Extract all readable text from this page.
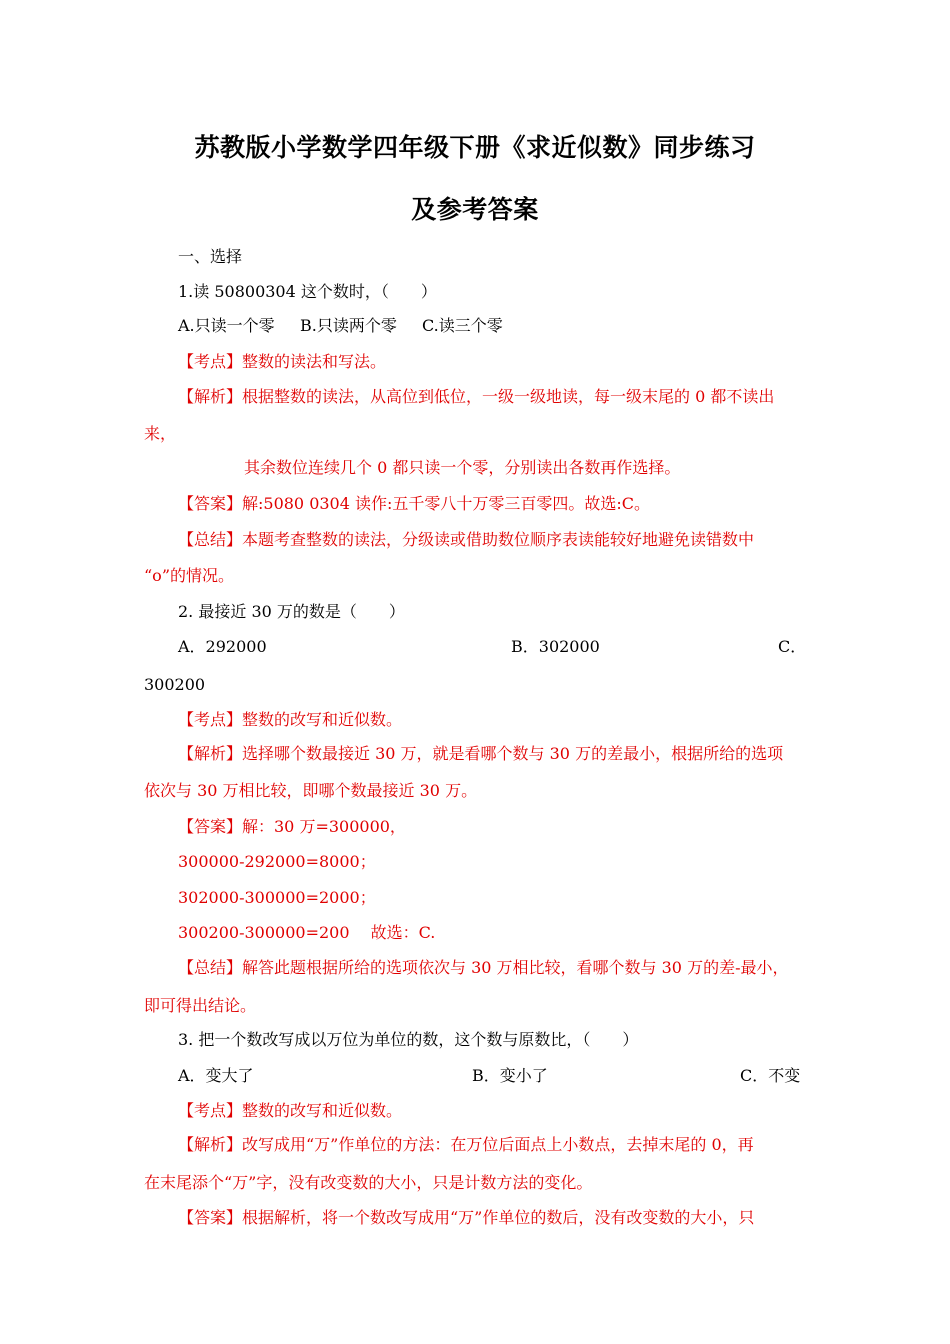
苏教版小学数学四年级下册《求近似数》同步练习
及参考答案
一、选择
1.读 50800304 这个数时，（　　）
A.只读一个零 B.只读两个零 C.读三个零
【考点】整数的读法和写法。
【解析】根据整数的读法，从高位到低位，一级一级地读，每一级末尾的 0 都不读出
来，
其余数位连续几个 0 都只读一个零，分别读出各数再作选择。
【答案】解:5080 0304 读作:五千零八十万零三百零四。故选:C。
【总结】本题考查整数的读法，分级读或借助数位顺序表读能较好地避免读错数中
“o”的情况。
2. 最接近 30 万的数是（　　）
A．292000	B．302000	C．
300200
【考点】整数的改写和近似数。
【解析】选择哪个数最接近 30 万，就是看哪个数与 30 万的差最小，根据所给的选项
依次与 30 万相比较，即哪个数最接近 30 万。
【答案】解：30 万=300000，
300000-292000=8000；
302000-300000=2000；
300200-300000=200　 故选：C.
【总结】解答此题根据所给的选项依次与 30 万相比较，看哪个数与 30 万的差-最小，
即可得出结论。
3. 把一个数改写成以万位为单位的数，这个数与原数比，（　　）
A．变大了	B．变小了	C．不变
【考点】整数的改写和近似数。
【解析】改写成用“万”作单位的方法：在万位后面点上小数点，去掉末尾的 0，再
在末尾添个“万”字，没有改变数的大小，只是计数方法的变化。
【答案】根据解析，将一个数改写成用“万”作单位的数后，没有改变数的大小，只
